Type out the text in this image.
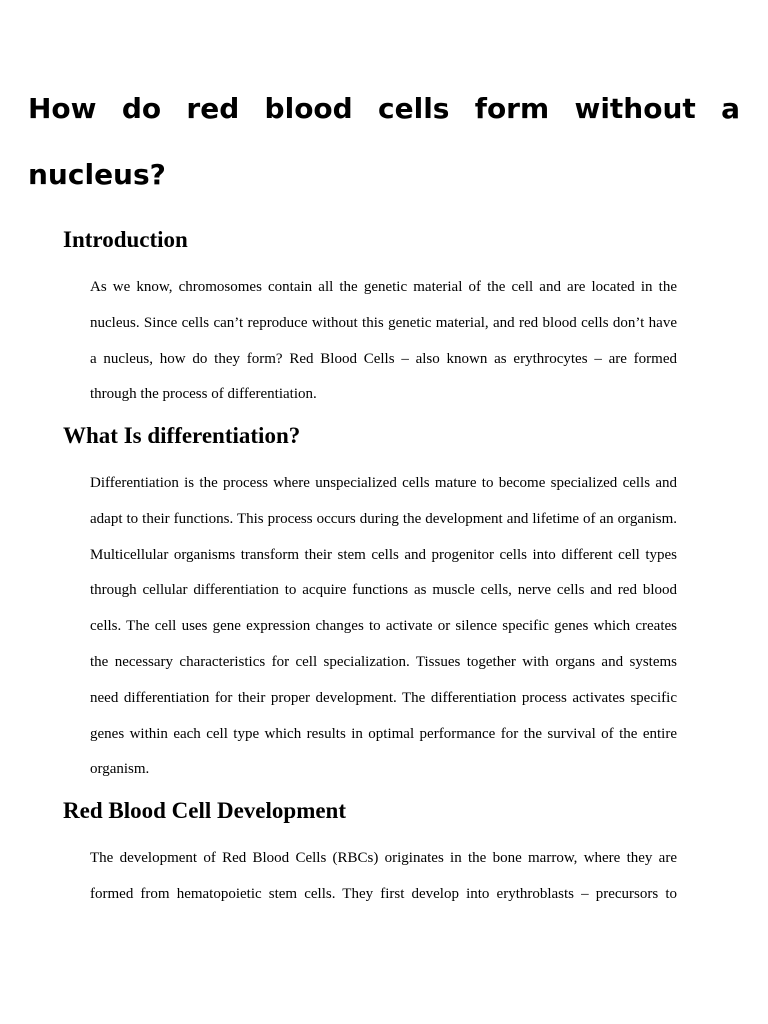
How do red blood cells form without a nucleus?
Introduction

As we know, chromosomes contain all the genetic material of the cell and are located in the nucleus. Since cells can’t reproduce without this genetic material, and red blood cells don’t have a nucleus, how do they form? Red Blood Cells – also known as erythrocytes – are formed through the process of differentiation.

What Is differentiation?

Differentiation is the process where unspecialized cells mature to become specialized cells and adapt to their functions. This process occurs during the development and lifetime of an organism. Multicellular organisms transform their stem cells and progenitor cells into different cell types through cellular differentiation to acquire functions as muscle cells, nerve cells and red blood cells. The cell uses gene expression changes to activate or silence specific genes which creates the necessary characteristics for cell specialization. Tissues together with organs and systems need differentiation for their proper development. The differentiation process activates specific genes within each cell type which results in optimal performance for the survival of the entire organism.

Red Blood Cell Development

The development of Red Blood Cells (RBCs) originates in the bone marrow, where they are formed from hematopoietic stem cells. They first develop into erythroblasts – precursors to
